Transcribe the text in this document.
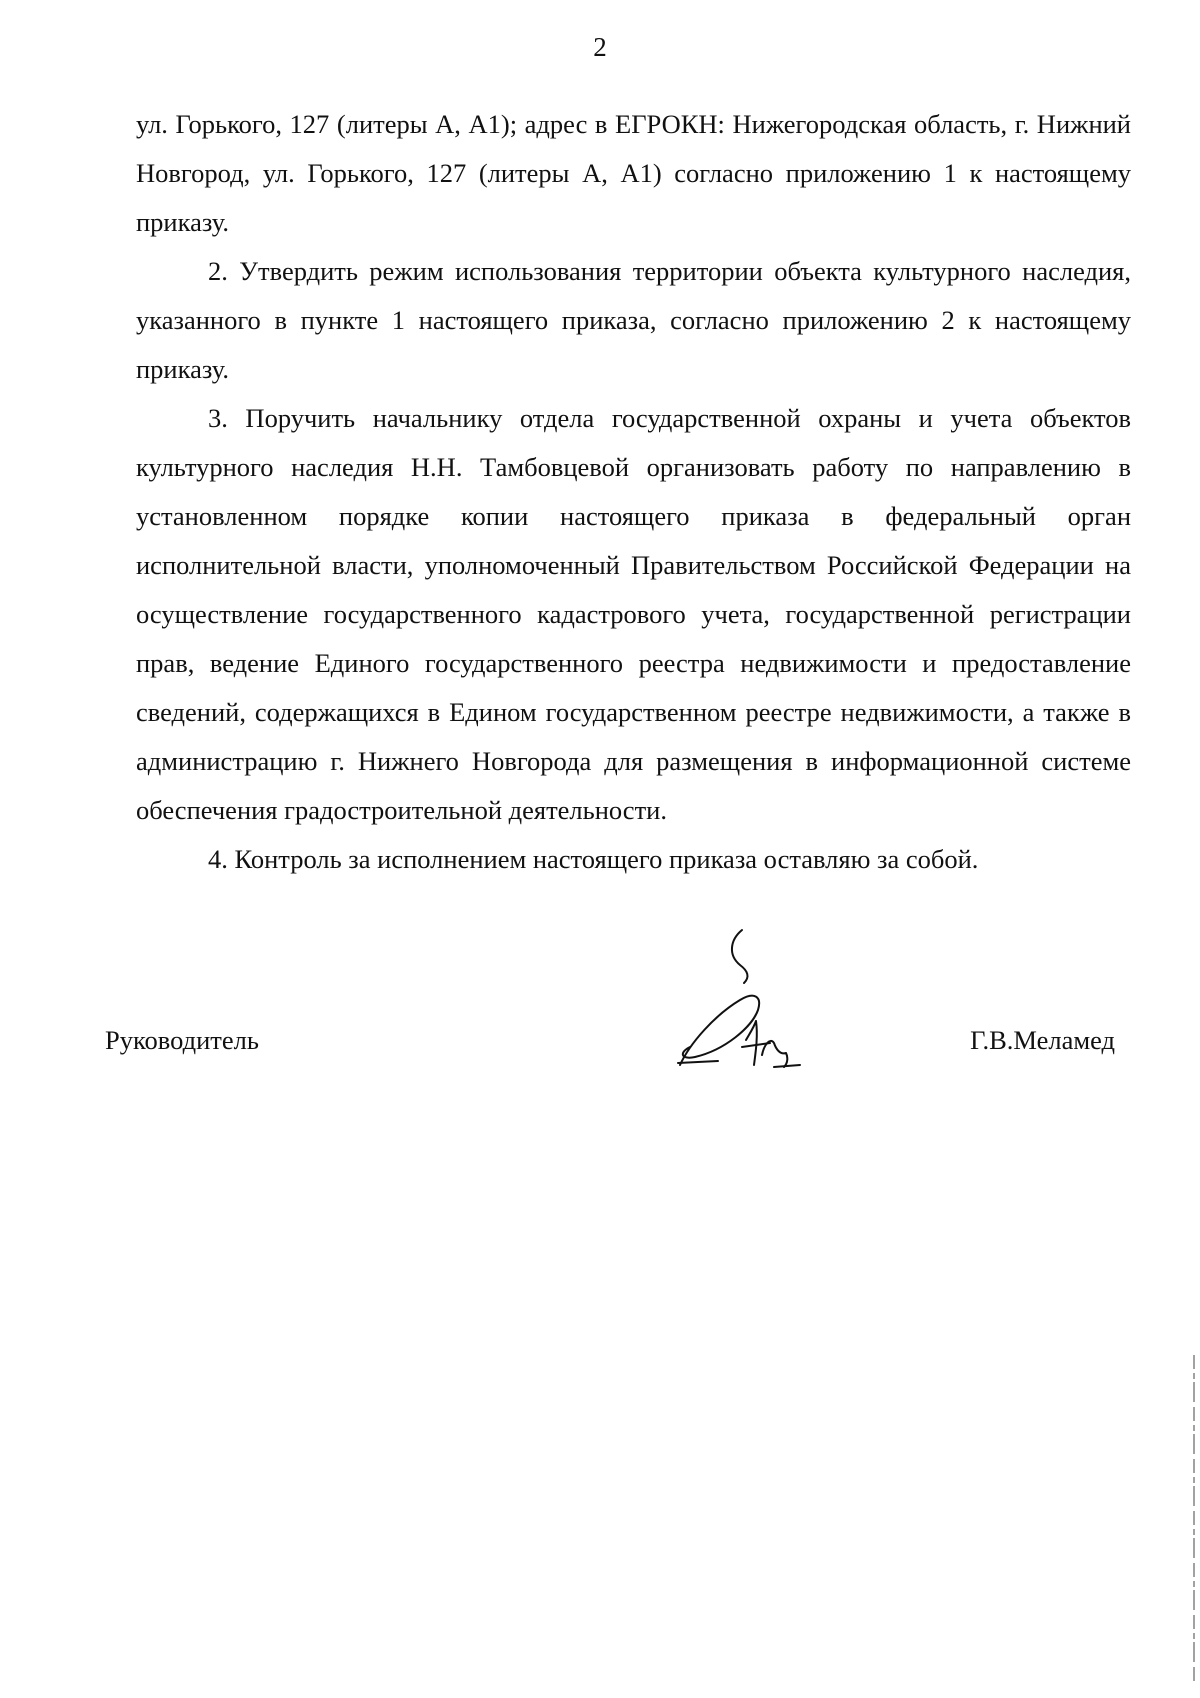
2

ул. Горького, 127 (литеры А, А1); адрес в ЕГРОКН: Нижегородская область, г. Нижний Новгород, ул. Горького, 127 (литеры А, А1) согласно приложению 1 к настоящему приказу.

2. Утвердить режим использования территории объекта культурного наследия, указанного в пункте 1 настоящего приказа, согласно приложению 2 к настоящему приказу.

3. Поручить начальнику отдела государственной охраны и учета объектов культурного наследия Н.Н. Тамбовцевой организовать работу по направлению в установленном порядке копии настоящего приказа в федеральный орган исполнительной власти, уполномоченный Правительством Российской Федерации на осуществление государственного кадастрового учета, государственной регистрации прав, ведение Единого государственного реестра недвижимости и предоставление сведений, содержащихся в Едином государственном реестре недвижимости, а также в администрацию г. Нижнего Новгорода для размещения в информационной системе обеспечения градостроительной деятельности.

4. Контроль за исполнением настоящего приказа оставляю за собой.

Руководитель	Г.В.Меламед
